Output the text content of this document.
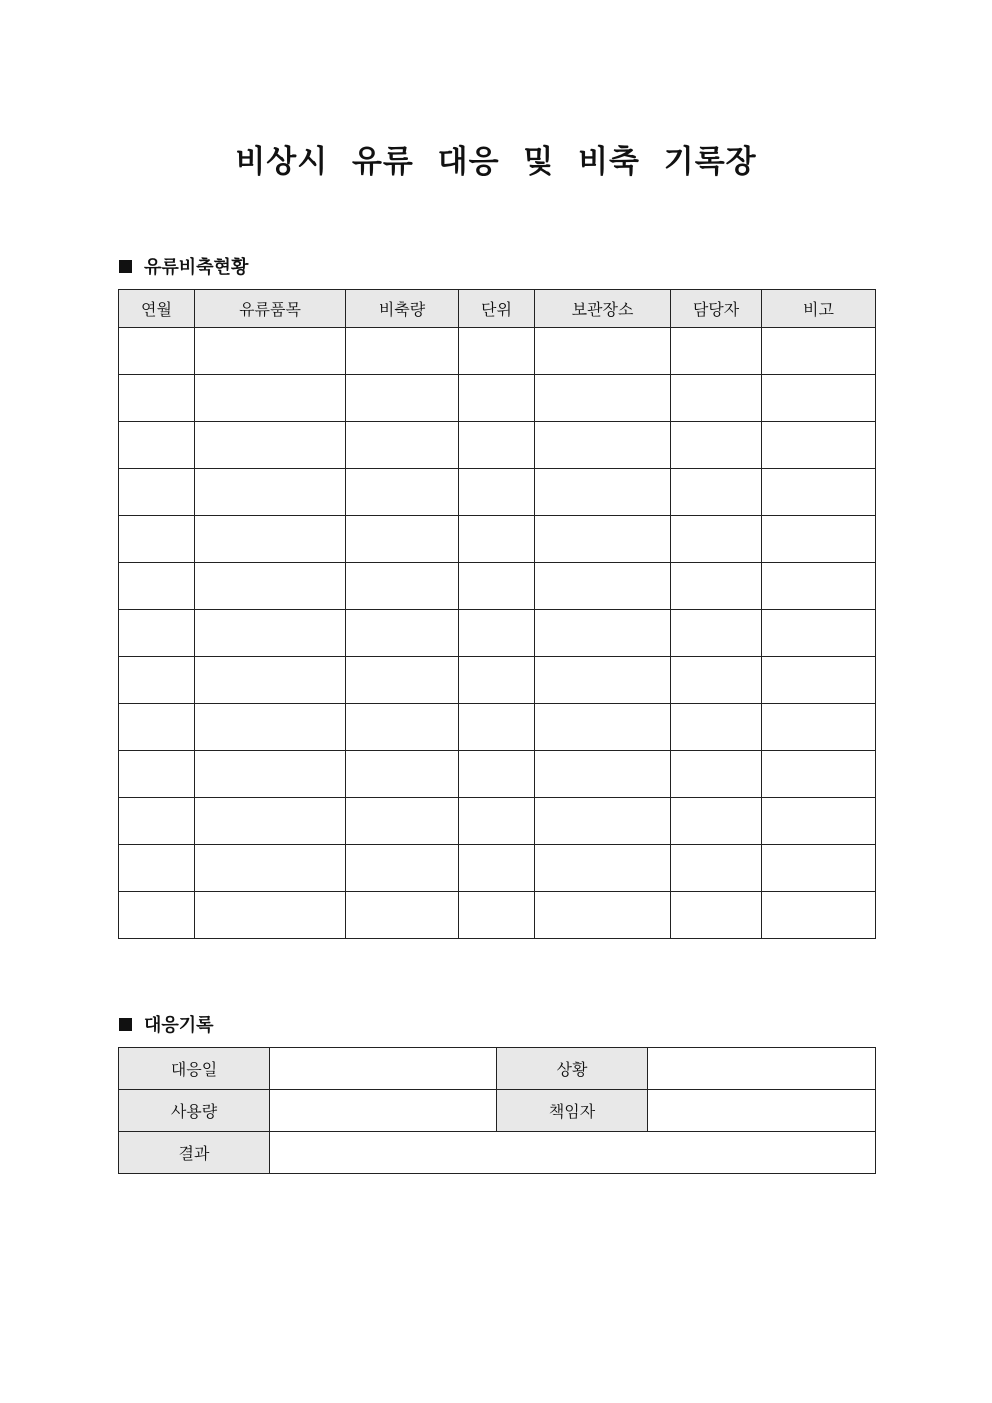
비상시 유류 대응 및 비축 기록장
유류비축현황
연월	유류품목	비축량	단위	보관장소	담당자	비고

대응기록
대응일		상황	
사용량		책임자	
결과			
